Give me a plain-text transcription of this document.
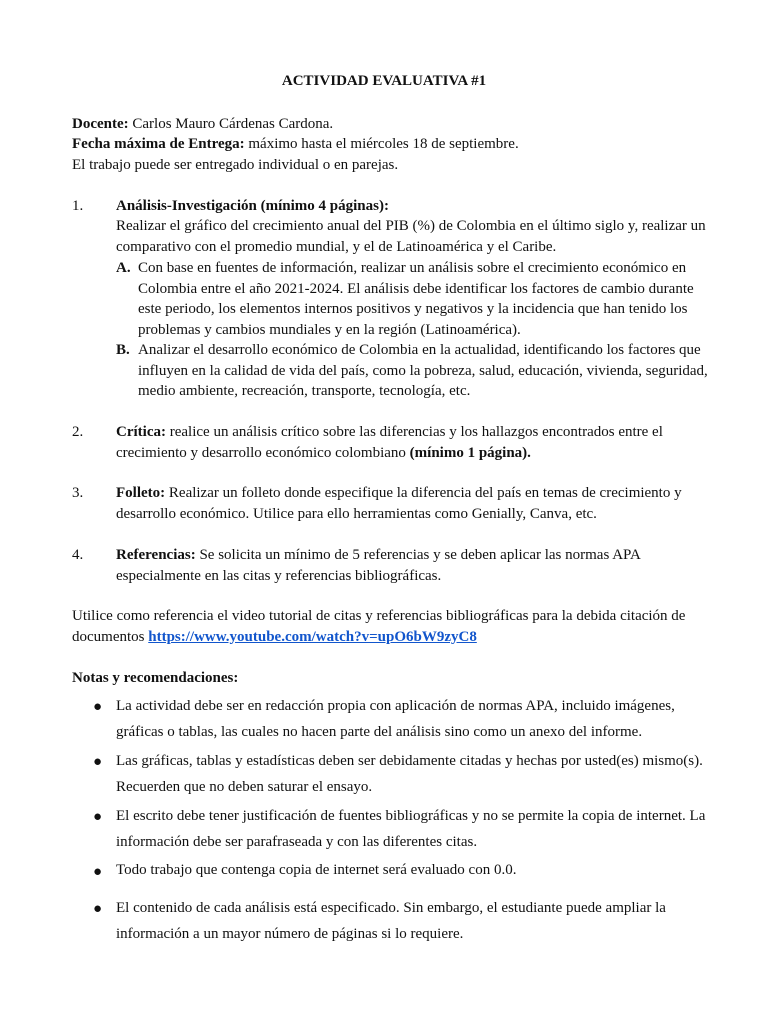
ACTIVIDAD EVALUATIVA #1
Docente: Carlos Mauro Cárdenas Cardona.
Fecha máxima de Entrega: máximo hasta el miércoles 18 de septiembre.
El trabajo puede ser entregado individual o en parejas.
1. Análisis-Investigación (mínimo 4 páginas):
Realizar el gráfico del crecimiento anual del PIB (%) de Colombia en el último siglo y, realizar un comparativo con el promedio mundial, y el de Latinoamérica y el Caribe.
A. Con base en fuentes de información, realizar un análisis sobre el crecimiento económico en Colombia entre el año 2021-2024. El análisis debe identificar los factores de cambio durante este periodo, los elementos internos positivos y negativos y la incidencia que han tenido los problemas y cambios mundiales y en la región (Latinoamérica).
B. Analizar el desarrollo económico de Colombia en la actualidad, identificando los factores que influyen en la calidad de vida del país, como la pobreza, salud, educación, vivienda, seguridad, medio ambiente, recreación, transporte, tecnología, etc.
2. Crítica: realice un análisis crítico sobre las diferencias y los hallazgos encontrados entre el crecimiento y desarrollo económico colombiano (mínimo 1 página).
3. Folleto: Realizar un folleto donde especifique la diferencia del país en temas de crecimiento y desarrollo económico. Utilice para ello herramientas como Genially, Canva, etc.
4. Referencias: Se solicita un mínimo de 5 referencias y se deben aplicar las normas APA especialmente en las citas y referencias bibliográficas.
Utilice como referencia el video tutorial de citas y referencias bibliográficas para la debida citación de documentos https://www.youtube.com/watch?v=upO6bW9zyC8
Notas y recomendaciones:
● La actividad debe ser en redacción propia con aplicación de normas APA, incluido imágenes, gráficas o tablas, las cuales no hacen parte del análisis sino como un anexo del informe.
● Las gráficas, tablas y estadísticas deben ser debidamente citadas y hechas por usted(es) mismo(s). Recuerden que no deben saturar el ensayo.
● El escrito debe tener justificación de fuentes bibliográficas y no se permite la copia de internet. La información debe ser parafraseada y con las diferentes citas.
● Todo trabajo que contenga copia de internet será evaluado con 0.0.
● El contenido de cada análisis está especificado. Sin embargo, el estudiante puede ampliar la información a un mayor número de páginas si lo requiere.
